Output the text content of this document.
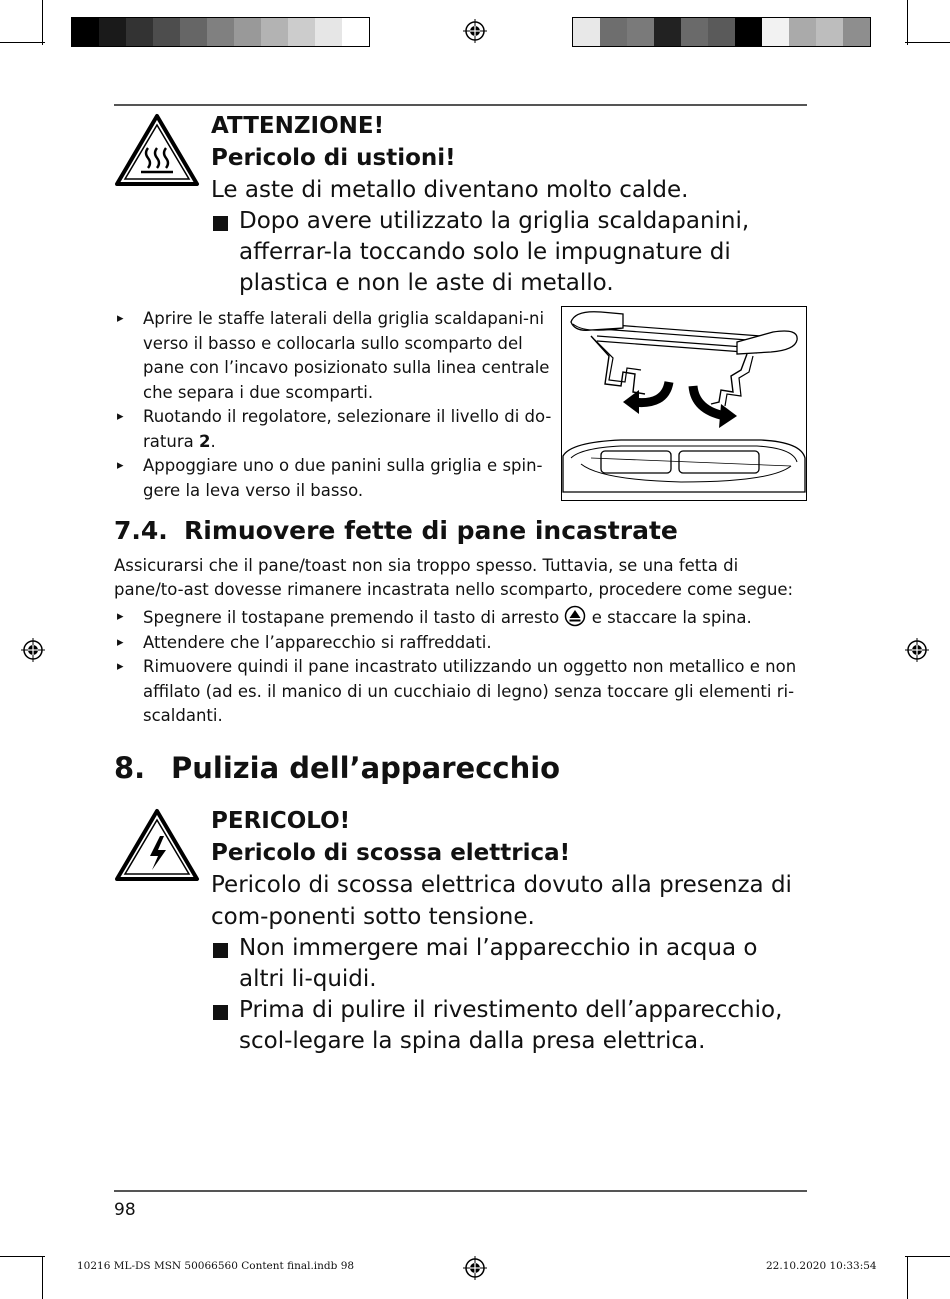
ATTENZIONE!
Pericolo di ustioni!
Le aste di metallo diventano molto calde.
Dopo avere utilizzato la griglia scaldapanini, afferrar-la toccando solo le impugnature di plastica e non le aste di metallo.

▸ Aprire le staffe laterali della griglia scaldapani-ni verso il basso e collocarla sullo scomparto del pane con l’incavo posizionato sulla linea centrale che separa i due scomparti.

▸ Ruotando il regolatore, selezionare il livello di do-ratura 2.

▸ Appoggiare uno o due panini sulla griglia e spin-gere la leva verso il basso.

7.4. Rimuovere fette di pane incastrate
Assicurarsi che il pane/toast non sia troppo spesso. Tuttavia, se una fetta di pane/to-ast dovesse rimanere incastrata nello scomparto, procedere come segue:

▸ Spegnere il tostapane premendo il tasto di arresto e staccare la spina.

▸ Attendere che l’apparecchio si raffreddati.

▸ Rimuovere quindi il pane incastrato utilizzando un oggetto non metallico e non affilato (ad es. il manico di un cucchiaio di legno) senza toccare gli elementi ri-scaldanti.

8. Pulizia dell’apparecchio
PERICOLO!
Pericolo di scossa elettrica!
Pericolo di scossa elettrica dovuto alla presenza di com-ponenti sotto tensione.
Non immergere mai l’apparecchio in acqua o altri li-quidi.
Prima di pulire il rivestimento dell’apparecchio, scol-legare la spina dalla presa elettrica.
98
10216 ML-DS MSN 50066560 Content final.indb 98	22.10.2020 10:33:54
